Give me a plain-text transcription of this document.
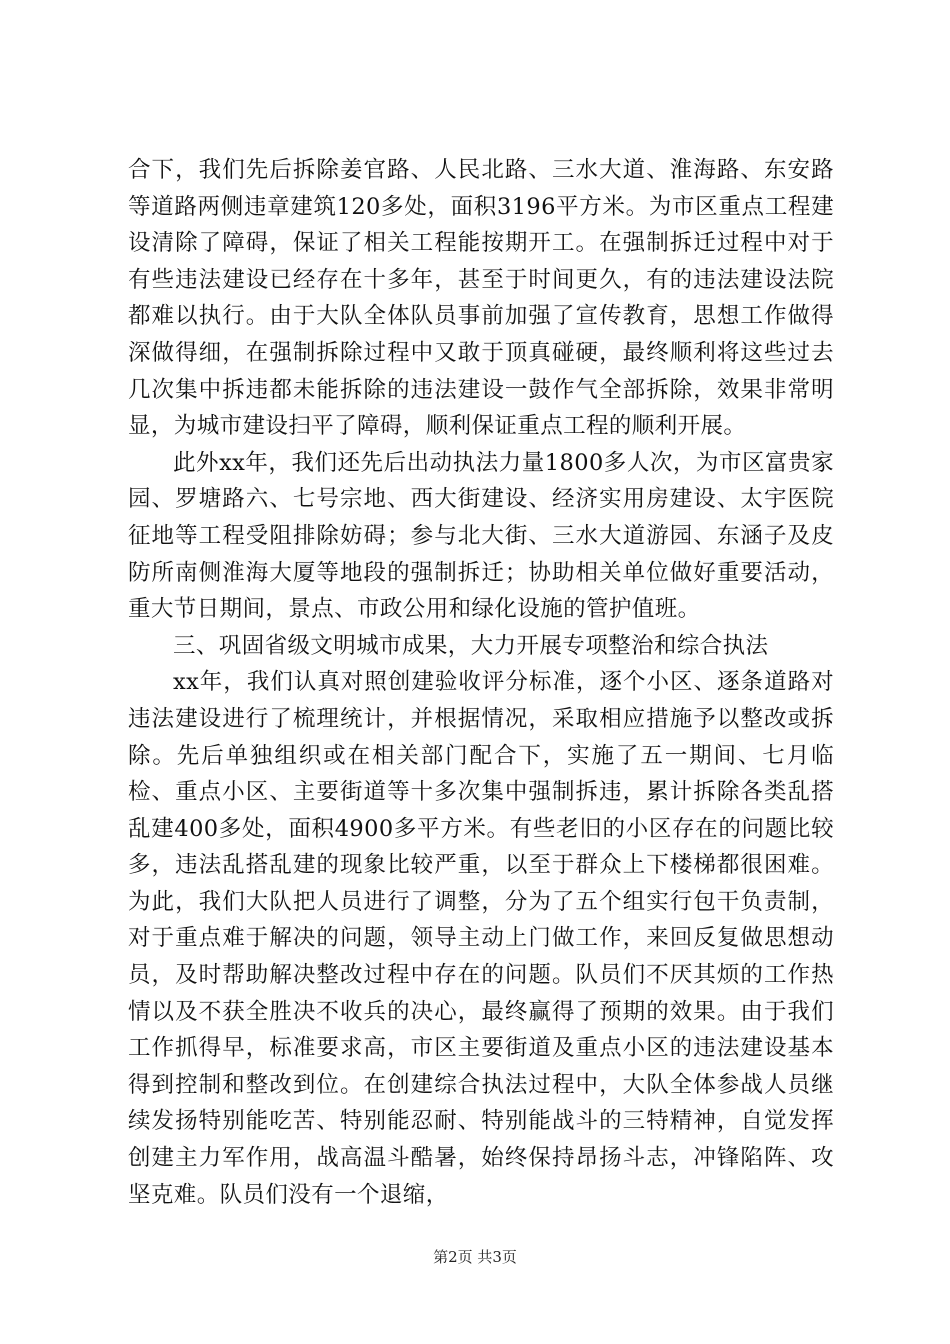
合下，我们先后拆除姜官路、人民北路、三水大道、淮海路、东安路等道路两侧违章建筑120多处，面积3196平方米。为市区重点工程建设清除了障碍，保证了相关工程能按期开工。在强制拆迁过程中对于有些违法建设已经存在十多年，甚至于时间更久，有的违法建设法院都难以执行。由于大队全体队员事前加强了宣传教育，思想工作做得深做得细，在强制拆除过程中又敢于顶真碰硬，最终顺利将这些过去几次集中拆违都未能拆除的违法建设一鼓作气全部拆除，效果非常明显，为城市建设扫平了障碍，顺利保证重点工程的顺利开展。

此外xx年，我们还先后出动执法力量1800多人次，为市区富贵家园、罗塘路六、七号宗地、西大街建设、经济实用房建设、太宇医院征地等工程受阻排除妨碍；参与北大街、三水大道游园、东涵子及皮防所南侧淮海大厦等地段的强制拆迁；协助相关单位做好重要活动，重大节日期间，景点、市政公用和绿化设施的管护值班。

三、巩固省级文明城市成果，大力开展专项整治和综合执法

xx年，我们认真对照创建验收评分标准，逐个小区、逐条道路对违法建设进行了梳理统计，并根据情况，采取相应措施予以整改或拆除。先后单独组织或在相关部门配合下，实施了五一期间、七月临检、重点小区、主要街道等十多次集中强制拆违，累计拆除各类乱搭乱建400多处，面积4900多平方米。有些老旧的小区存在的问题比较多，违法乱搭乱建的现象比较严重，以至于群众上下楼梯都很困难。为此，我们大队把人员进行了调整，分为了五个组实行包干负责制，对于重点难于解决的问题，领导主动上门做工作，来回反复做思想动员，及时帮助解决整改过程中存在的问题。队员们不厌其烦的工作热情以及不获全胜决不收兵的决心，最终赢得了预期的效果。由于我们工作抓得早，标准要求高，市区主要街道及重点小区的违法建设基本得到控制和整改到位。在创建综合执法过程中，大队全体参战人员继续发扬特别能吃苦、特别能忍耐、特别能战斗的三特精神，自觉发挥创建主力军作用，战高温斗酷暑，始终保持昂扬斗志，冲锋陷阵、攻坚克难。队员们没有一个退缩，

第2页 共3页
